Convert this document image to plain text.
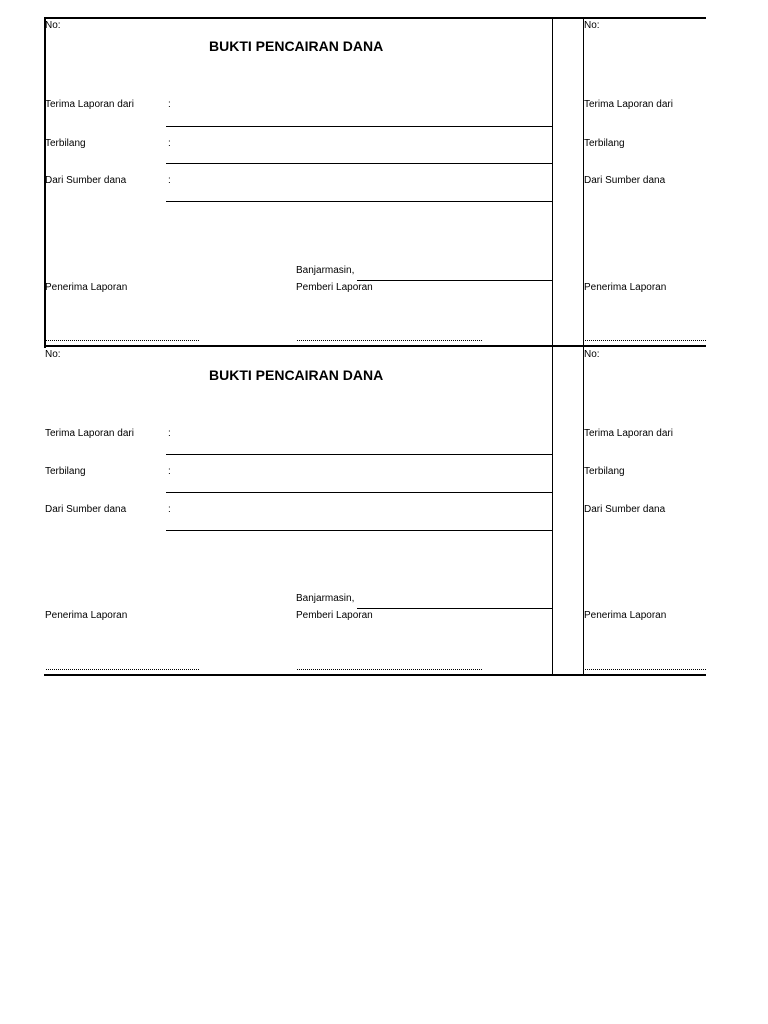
No:
BUKTI PENCAIRAN DANA
Terima Laporan dari	:
Terbilang	:
Dari Sumber dana	:
Banjarmasin,
Penerima Laporan	Pemberi Laporan
No:
Terima Laporan dari
Terbilang
Dari Sumber dana
Penerima Laporan
No:
BUKTI PENCAIRAN DANA
Terima Laporan dari	:
Terbilang	:
Dari Sumber dana	:
Banjarmasin,
Penerima Laporan	Pemberi Laporan
No:
Terima Laporan dari
Terbilang
Dari Sumber dana
Penerima Laporan
